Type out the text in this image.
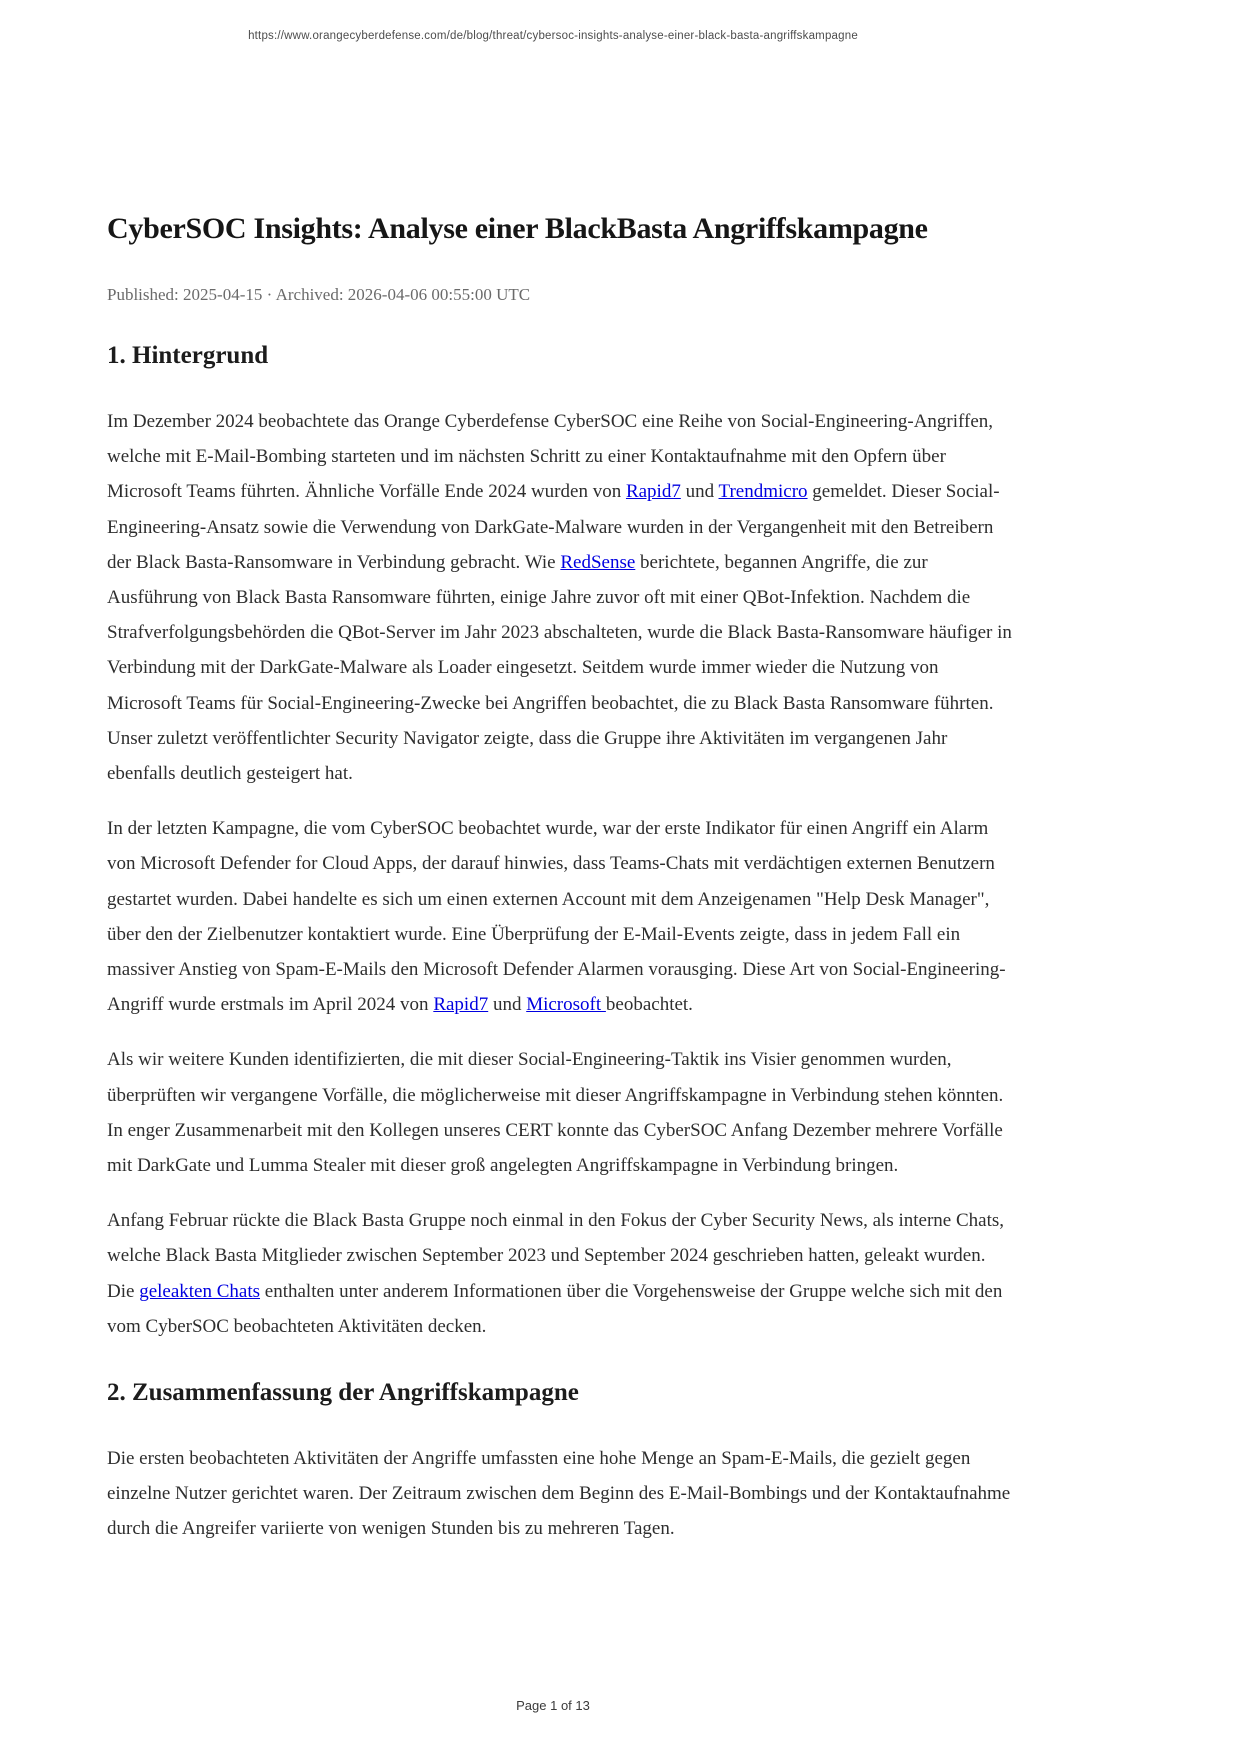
https://www.orangecyberdefense.com/de/blog/threat/cybersoc-insights-analyse-einer-black-basta-angriffskampagne
CyberSOC Insights: Analyse einer BlackBasta Angriffskampagne
Published: 2025-04-15 · Archived: 2026-04-06 00:55:00 UTC
1. Hintergrund

Im Dezember 2024 beobachtete das Orange Cyberdefense CyberSOC eine Reihe von Social-Engineering-Angriffen, welche mit E-Mail-Bombing starteten und im nächsten Schritt zu einer Kontaktaufnahme mit den Opfern über Microsoft Teams führten. Ähnliche Vorfälle Ende 2024 wurden von Rapid7 und Trendmicro gemeldet. Dieser Social-Engineering-Ansatz sowie die Verwendung von DarkGate-Malware wurden in der Vergangenheit mit den Betreibern der Black Basta-Ransomware in Verbindung gebracht. Wie RedSense berichtete, begannen Angriffe, die zur Ausführung von Black Basta Ransomware führten, einige Jahre zuvor oft mit einer QBot-Infektion. Nachdem die Strafverfolgungsbehörden die QBot-Server im Jahr 2023 abschalteten, wurde die Black Basta-Ransomware häufiger in Verbindung mit der DarkGate-Malware als Loader eingesetzt. Seitdem wurde immer wieder die Nutzung von Microsoft Teams für Social-Engineering-Zwecke bei Angriffen beobachtet, die zu Black Basta Ransomware führten. Unser zuletzt veröffentlichter Security Navigator zeigte, dass die Gruppe ihre Aktivitäten im vergangenen Jahr ebenfalls deutlich gesteigert hat.

In der letzten Kampagne, die vom CyberSOC beobachtet wurde, war der erste Indikator für einen Angriff ein Alarm von Microsoft Defender for Cloud Apps, der darauf hinwies, dass Teams-Chats mit verdächtigen externen Benutzern gestartet wurden. Dabei handelte es sich um einen externen Account mit dem Anzeigenamen "Help Desk Manager", über den der Zielbenutzer kontaktiert wurde. Eine Überprüfung der E-Mail-Events zeigte, dass in jedem Fall ein massiver Anstieg von Spam-E-Mails den Microsoft Defender Alarmen vorausging. Diese Art von Social-Engineering-Angriff wurde erstmals im April 2024 von Rapid7 und Microsoft beobachtet.

Als wir weitere Kunden identifizierten, die mit dieser Social-Engineering-Taktik ins Visier genommen wurden, überprüften wir vergangene Vorfälle, die möglicherweise mit dieser Angriffskampagne in Verbindung stehen könnten. In enger Zusammenarbeit mit den Kollegen unseres CERT konnte das CyberSOC Anfang Dezember mehrere Vorfälle mit DarkGate und Lumma Stealer mit dieser groß angelegten Angriffskampagne in Verbindung bringen.

Anfang Februar rückte die Black Basta Gruppe noch einmal in den Fokus der Cyber Security News, als interne Chats, welche Black Basta Mitglieder zwischen September 2023 und September 2024 geschrieben hatten, geleakt wurden. Die geleakten Chats enthalten unter anderem Informationen über die Vorgehensweise der Gruppe welche sich mit den vom CyberSOC beobachteten Aktivitäten decken.

2. Zusammenfassung der Angriffskampagne

Die ersten beobachteten Aktivitäten der Angriffe umfassten eine hohe Menge an Spam-E-Mails, die gezielt gegen einzelne Nutzer gerichtet waren. Der Zeitraum zwischen dem Beginn des E-Mail-Bombings und der Kontaktaufnahme durch die Angreifer variierte von wenigen Stunden bis zu mehreren Tagen.

Page 1 of 13
